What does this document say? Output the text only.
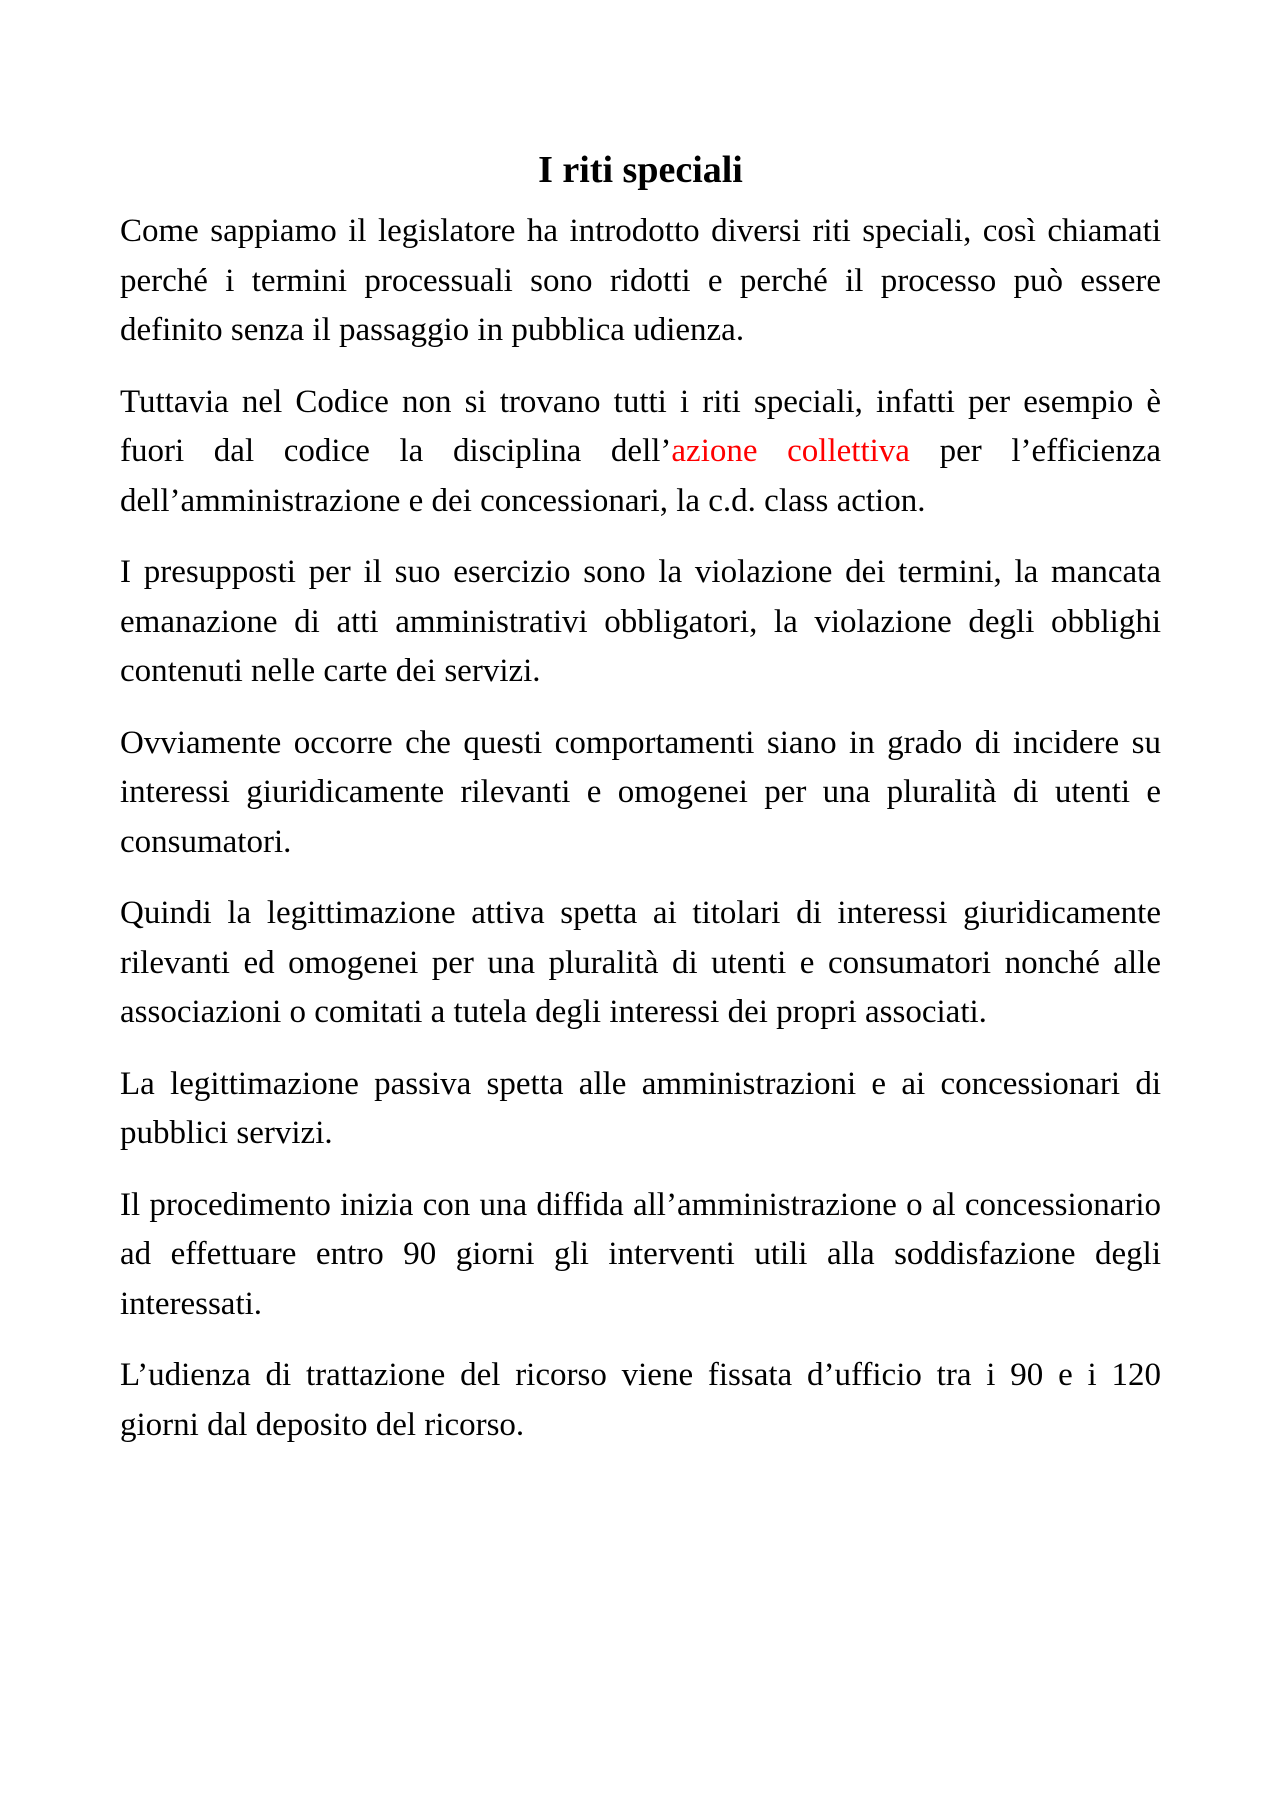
I riti speciali

Come sappiamo il legislatore ha introdotto diversi riti speciali, così chiamati perché i termini processuali sono ridotti e perché il processo può essere definito senza il passaggio in pubblica udienza.

Tuttavia nel Codice non si trovano tutti i riti speciali, infatti per esempio è fuori dal codice la disciplina dell’azione collettiva per l’efficienza dell’amministrazione e dei concessionari, la c.d. class action.

I presupposti per il suo esercizio sono la violazione dei termini, la mancata emanazione di atti amministrativi obbligatori, la violazione degli obblighi contenuti nelle carte dei servizi.

Ovviamente occorre che questi comportamenti siano in grado di incidere su interessi giuridicamente rilevanti e omogenei per una pluralità di utenti e consumatori.

Quindi la legittimazione attiva spetta ai titolari di interessi giuridicamente rilevanti ed omogenei per una pluralità di utenti e consumatori nonché alle associazioni o comitati a tutela degli interessi dei propri associati.

La legittimazione passiva spetta alle amministrazioni e ai concessionari di pubblici servizi.

Il procedimento inizia con una diffida all’amministrazione o al concessionario ad effettuare entro 90 giorni gli interventi utili alla soddisfazione degli interessati.

L’udienza di trattazione del ricorso viene fissata d’ufficio tra i 90 e i 120 giorni dal deposito del ricorso.
